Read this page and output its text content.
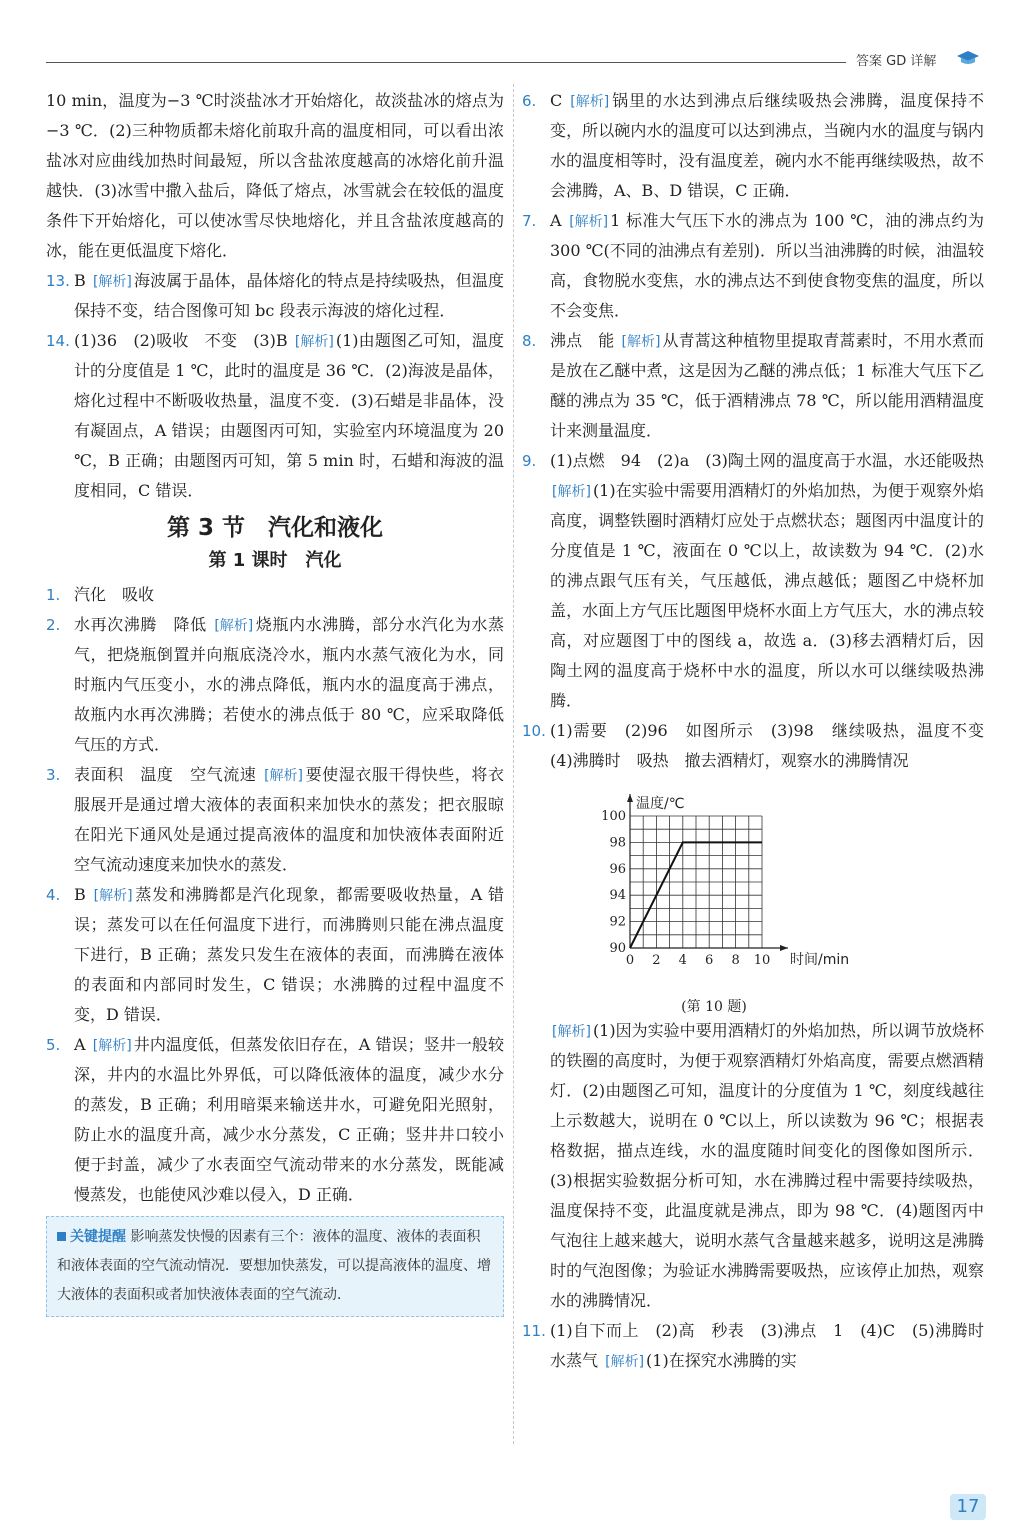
答案 GD 详解

10 min，温度为−3 ℃时淡盐冰才开始熔化，故淡盐冰的熔点为−3 ℃．(2)三种物质都未熔化前取升高的温度相同，可以看出浓盐冰对应曲线加热时间最短，所以含盐浓度越高的冰熔化前升温越快．(3)冰雪中撒入盐后，降低了熔点，冰雪就会在较低的温度条件下开始熔化，可以使冰雪尽快地熔化，并且含盐浓度越高的冰，能在更低温度下熔化．

13. B [解析] 海波属于晶体，晶体熔化的特点是持续吸热，但温度保持不变，结合图像可知 bc 段表示海波的熔化过程．
14. (1)36　(2)吸收　不变　(3)B [解析] (1)由题图乙可知，温度计的分度值是 1 ℃，此时的温度是 36 ℃．(2)海波是晶体，熔化过程中不断吸收热量，温度不变．(3)石蜡是非晶体，没有凝固点，A 错误；由题图丙可知，实验室内环境温度为 20 ℃，B 正确；由题图丙可知，第 5 min 时，石蜡和海波的温度相同，C 错误．
第 3 节　汽化和液化
第 1 课时　汽化
1. 汽化　吸收
2. 水再次沸腾　降低 [解析] 烧瓶内水沸腾，部分水汽化为水蒸气，把烧瓶倒置并向瓶底浇冷水，瓶内水蒸气液化为水，同时瓶内气压变小，水的沸点降低，瓶内水的温度高于沸点，故瓶内水再次沸腾；若使水的沸点低于 80 ℃，应采取降低气压的方式．
3. 表面积　温度　空气流速 [解析] 要使湿衣服干得快些，将衣服展开是通过增大液体的表面积来加快水的蒸发；把衣服晾在阳光下通风处是通过提高液体的温度和加快液体表面附近空气流动速度来加快水的蒸发．
4. B [解析] 蒸发和沸腾都是汽化现象，都需要吸收热量，A 错误；蒸发可以在任何温度下进行，而沸腾则只能在沸点温度下进行，B 正确；蒸发只发生在液体的表面，而沸腾在液体的表面和内部同时发生，C 错误；水沸腾的过程中温度不变，D 错误．
5. A [解析] 井内温度低，但蒸发依旧存在，A 错误；竖井一般较深，井内的水温比外界低，可以降低液体的温度，减少水分的蒸发，B 正确；利用暗渠来输送井水，可避免阳光照射，防止水的温度升高，减少水分蒸发，C 正确；竖井井口较小便于封盖，减少了水表面空气流动带来的水分蒸发，既能减慢蒸发，也能使风沙难以侵入，D 正确．
关键提醒 影响蒸发快慢的因素有三个：液体的温度、液体的表面积和液体表面的空气流动情况．要想加快蒸发，可以提高液体的温度、增大液体的表面积或者加快液体表面的空气流动．
6. C [解析] 锅里的水达到沸点后继续吸热会沸腾，温度保持不变，所以碗内水的温度可以达到沸点，当碗内水的温度与锅内水的温度相等时，没有温度差，碗内水不能再继续吸热，故不会沸腾，A、B、D 错误，C 正确．
7. A [解析] 1 标准大气压下水的沸点为 100 ℃，油的沸点约为 300 ℃(不同的油沸点有差别)．所以当油沸腾的时候，油温较高，食物脱水变焦，水的沸点达不到使食物变焦的温度，所以不会变焦．
8. 沸点　能 [解析] 从青蒿这种植物里提取青蒿素时，不用水煮而是放在乙醚中煮，这是因为乙醚的沸点低；1 标准大气压下乙醚的沸点为 35 ℃，低于酒精沸点 78 ℃，所以能用酒精温度计来测量温度．
9. (1)点燃　94　(2)a　(3)陶土网的温度高于水温，水还能吸热
[解析] (1)在实验中需要用酒精灯的外焰加热，为便于观察外焰高度，调整铁圈时酒精灯应处于点燃状态；题图丙中温度计的分度值是 1 ℃，液面在 0 ℃以上，故读数为 94 ℃．(2)水的沸点跟气压有关，气压越低，沸点越低；题图乙中烧杯加盖，水面上方气压比题图甲烧杯水面上方气压大，水的沸点较高，对应题图丁中的图线 a，故选 a．(3)移去酒精灯后，因陶土网的温度高于烧杯中水的温度，所以水可以继续吸热沸腾．
10. (1)需要　(2)96　如图所示　(3)98　继续吸热，温度不变　(4)沸腾时　吸热　撤去酒精灯，观察水的沸腾情况
0 2 4 6 8 10
90
92
94
96
98
100
温度/℃
时间/min
(第 10 题)
[解析] (1)因为实验中要用酒精灯的外焰加热，所以调节放烧杯的铁圈的高度时，为便于观察酒精灯外焰高度，需要点燃酒精灯．(2)由题图乙可知，温度计的分度值为 1 ℃，刻度线越往上示数越大，说明在 0 ℃以上，所以读数为 96 ℃；根据表格数据，描点连线，水的温度随时间变化的图像如图所示．(3)根据实验数据分析可知，水在沸腾过程中需要持续吸热，温度保持不变，此温度就是沸点，即为 98 ℃．(4)题图丙中气泡往上越来越大，说明水蒸气含量越来越多，说明这是沸腾时的气泡图像；为验证水沸腾需要吸热，应该停止加热，观察水的沸腾情况．
11. (1)自下而上　(2)高　秒表　(3)沸点　1　(4)C　(5)沸腾时　水蒸气 [解析] (1)在探究水沸腾的实
17
